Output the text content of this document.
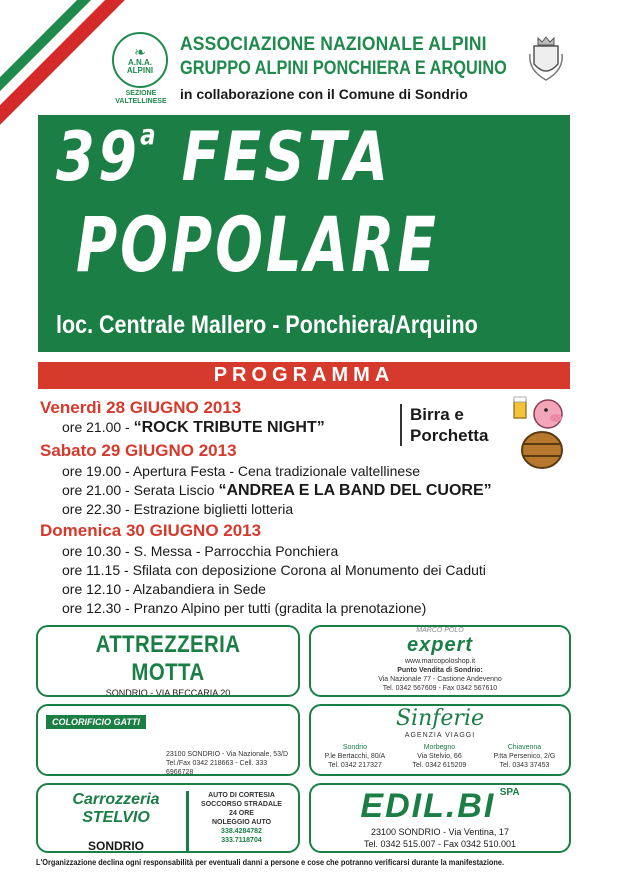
❧
A.N.A. ALPINI
SEZIONE VALTELLINESE
ASSOCIAZIONE NAZIONALE ALPINI
GRUPPO ALPINI PONCHIERA E ARQUINO
in collaborazione con il Comune di Sondrio
39$^a$ FESTA
POPOLARE
loc. Centrale Mallero - Ponchiera/Arquino
PROGRAMMA
Venerdì 28 GIUGNO 2013
ore 21.00 - “ROCK TRIBUTE NIGHT”
Birra e
Porchetta
Sabato 29 GIUGNO 2013
ore 19.00 - Apertura Festa - Cena tradizionale valtellinese
ore 21.00 - Serata Liscio “ANDREA E LA BAND DEL CUORE”
ore 22.30 - Estrazione biglietti lotteria
Domenica 30 GIUGNO 2013
ore 10.30 - S. Messa - Parrocchia Ponchiera
ore 11.15 - Sfilata con deposizione Corona al Monumento dei Caduti
ore 12.10 - Alzabandiera in Sede
ore 12.30 - Pranzo Alpino per tutti (gradita la prenotazione)
ATTREZZERIA MOTTA
SONDRIO - VIA BECCARIA 20
MARCO POLO
expert
www.marcopoloshop.it
Punto Vendita di Sondrio:
Via Nazionale 77 - Castione Andevenno
Tel. 0342 567609 - Fax 0342 567610
COLORIFICIO GATTI
23100 SONDRIO - Via Nazionale, 53/D
Tel./Fax 0342 218663 - Cell. 333 6966728
Sinferie
AGENZIA VIAGGI
Sondrio
P.le Bertacchi, 80/A
Tel. 0342 217327
Morbegno
Via Stelvio, 66
Tel. 0342 615209
Chiavenna
P.tta Persenico, 2/G
Tel. 0343 37453
Carrozzeria STELVIO
SONDRIO
AUTO DI CORTESIA
SOCCORSO STRADALE
24 ORE
NOLEGGIO AUTO
338.4284782
333.7118704
EDIL.BI $^{SPA}$
23100 SONDRIO - Via Ventina, 17
Tel. 0342 515.007 - Fax 0342 510.001
L'Organizzazione declina ogni responsabilità per eventuali danni a persone e cose che potranno verificarsi durante la manifestazione.
